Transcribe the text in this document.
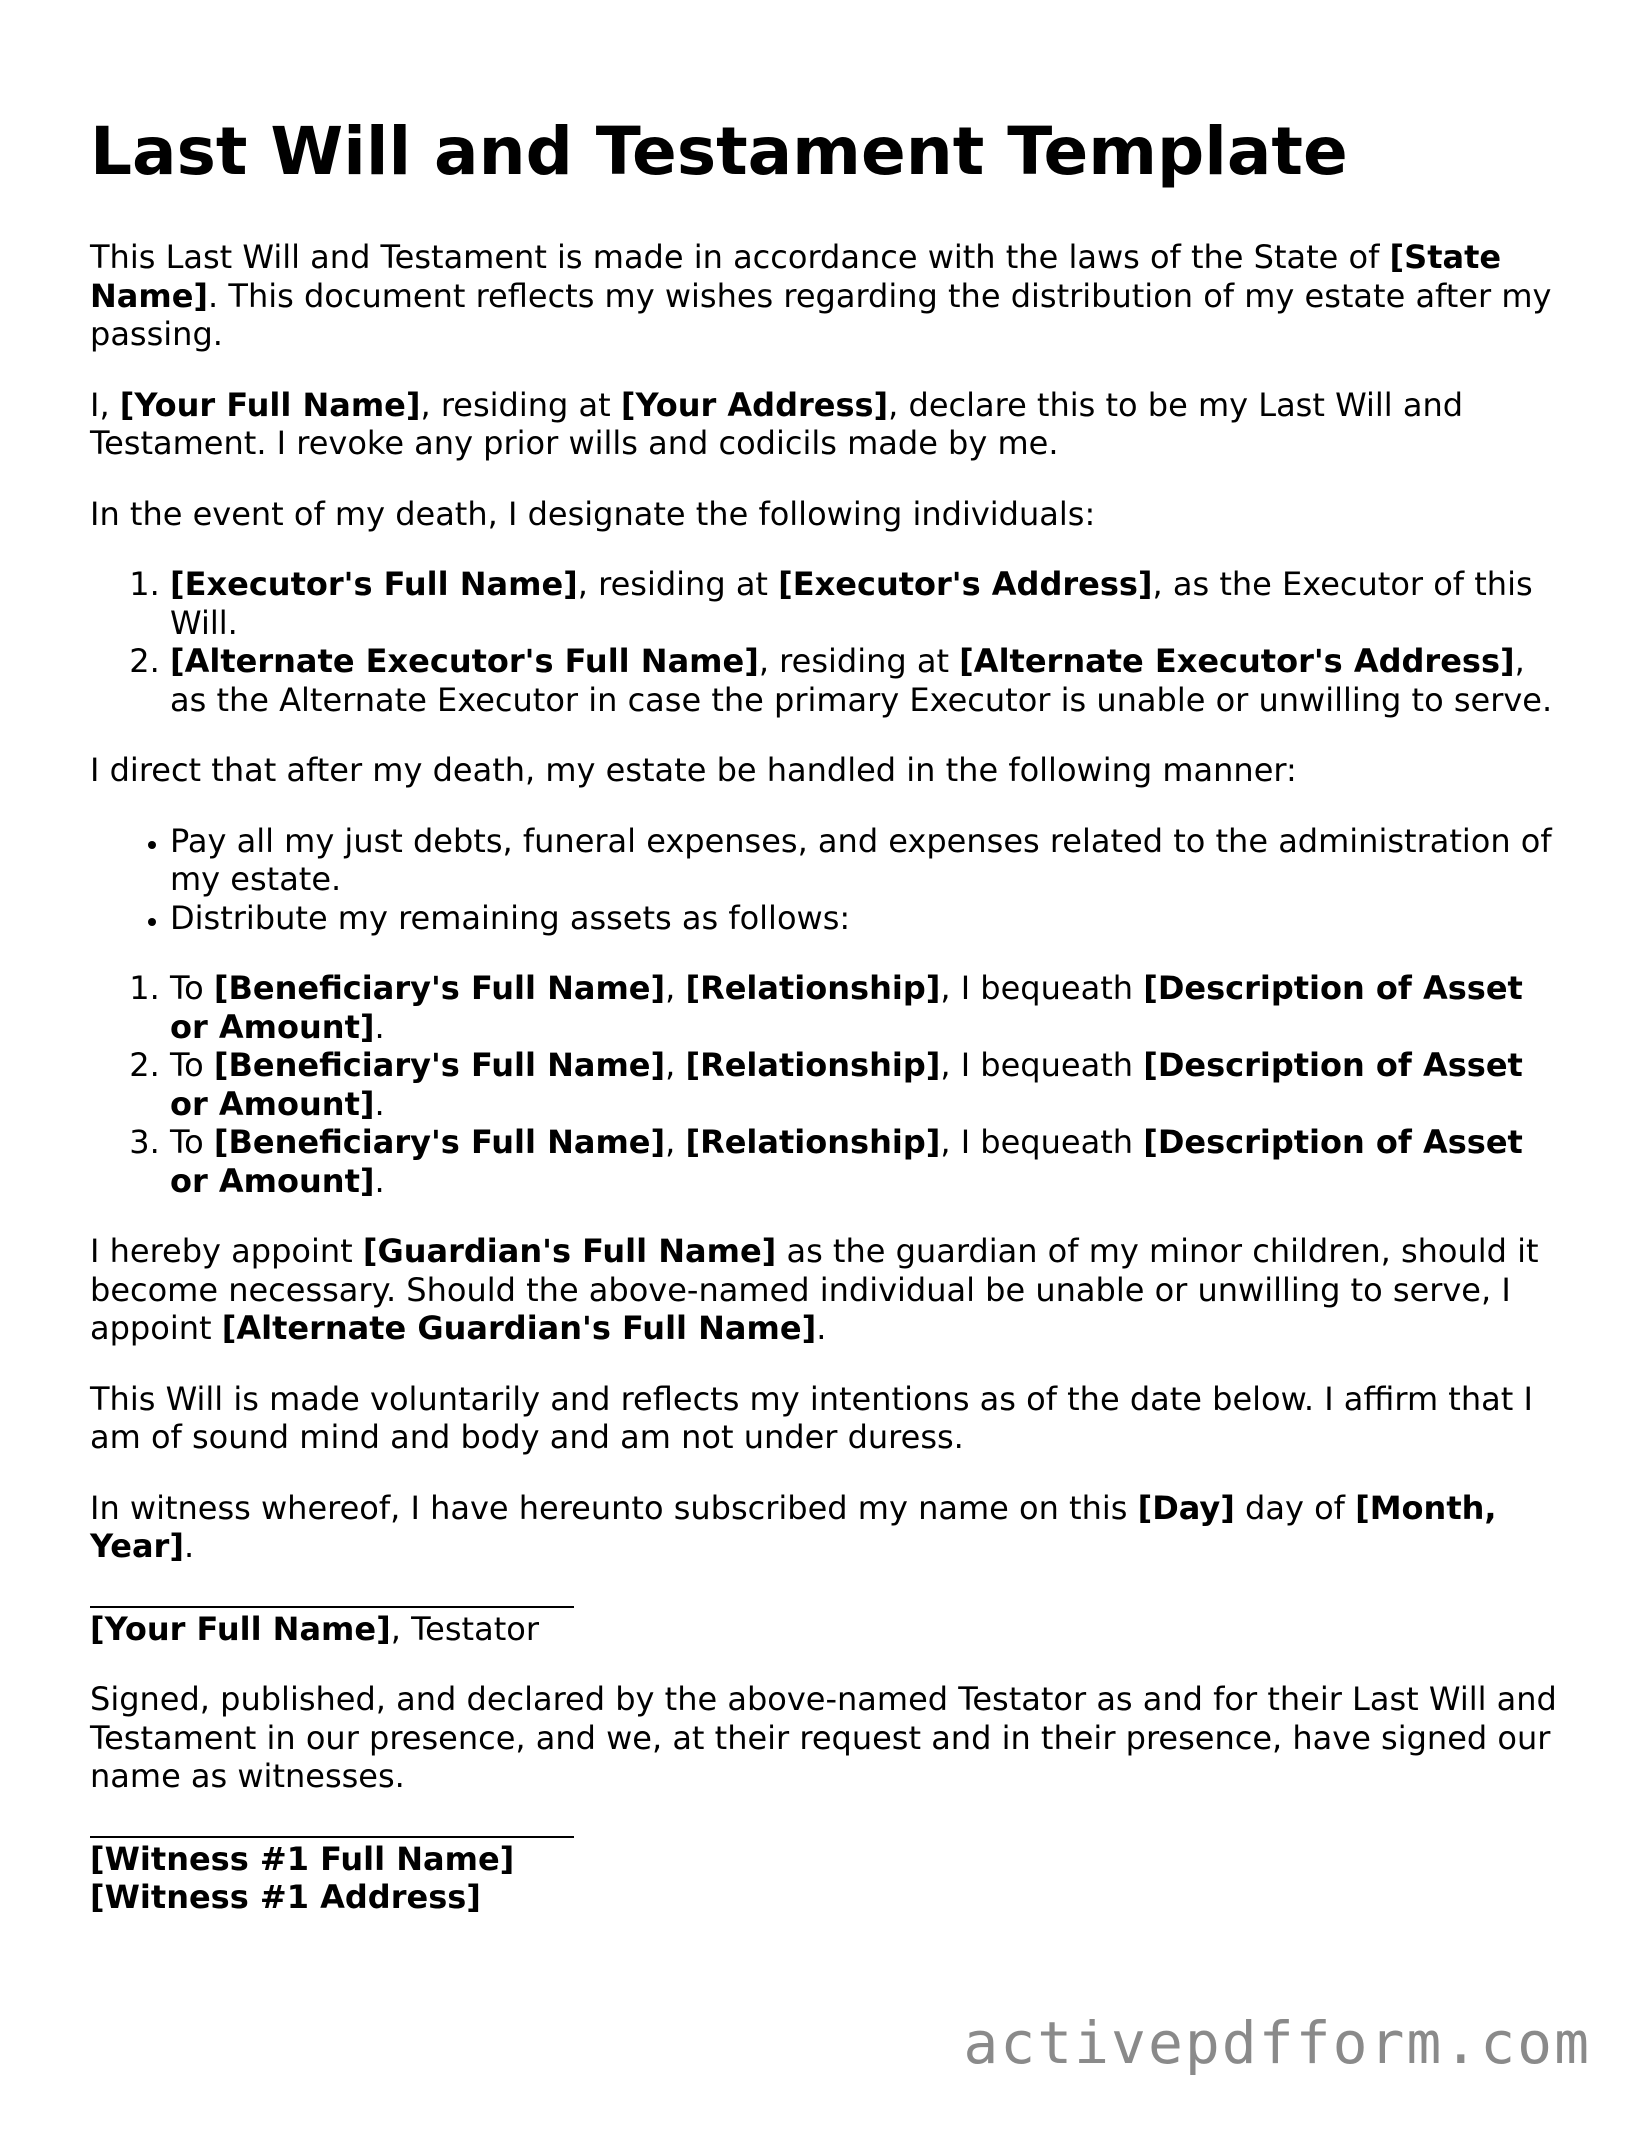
Last Will and Testament Template

This Last Will and Testament is made in accordance with the laws of the State of [State Name]. This document reflects my wishes regarding the distribution of my estate after my passing.

I, [Your Full Name], residing at [Your Address], declare this to be my Last Will and Testament. I revoke any prior wills and codicils made by me.

In the event of my death, I designate the following individuals:

1. [Executor's Full Name], residing at [Executor's Address], as the Executor of this Will.
2. [Alternate Executor's Full Name], residing at [Alternate Executor's Address], as the Alternate Executor in case the primary Executor is unable or unwilling to serve.

I direct that after my death, my estate be handled in the following manner:

• Pay all my just debts, funeral expenses, and expenses related to the administration of my estate.
• Distribute my remaining assets as follows:
1. To [Beneficiary's Full Name], [Relationship], I bequeath [Description of Asset or Amount].
2. To [Beneficiary's Full Name], [Relationship], I bequeath [Description of Asset or Amount].
3. To [Beneficiary's Full Name], [Relationship], I bequeath [Description of Asset or Amount].

I hereby appoint [Guardian's Full Name] as the guardian of my minor children, should it become necessary. Should the above-named individual be unable or unwilling to serve, I appoint [Alternate Guardian's Full Name].

This Will is made voluntarily and reflects my intentions as of the date below. I affirm that I am of sound mind and body and am not under duress.

In witness whereof, I have hereunto subscribed my name on this [Day] day of [Month, Year].

[Your Full Name], Testator

Signed, published, and declared by the above-named Testator as and for their Last Will and Testament in our presence, and we, at their request and in their presence, have signed our name as witnesses.

[Witness #1 Full Name]
[Witness #1 Address]
activepdfform.com
